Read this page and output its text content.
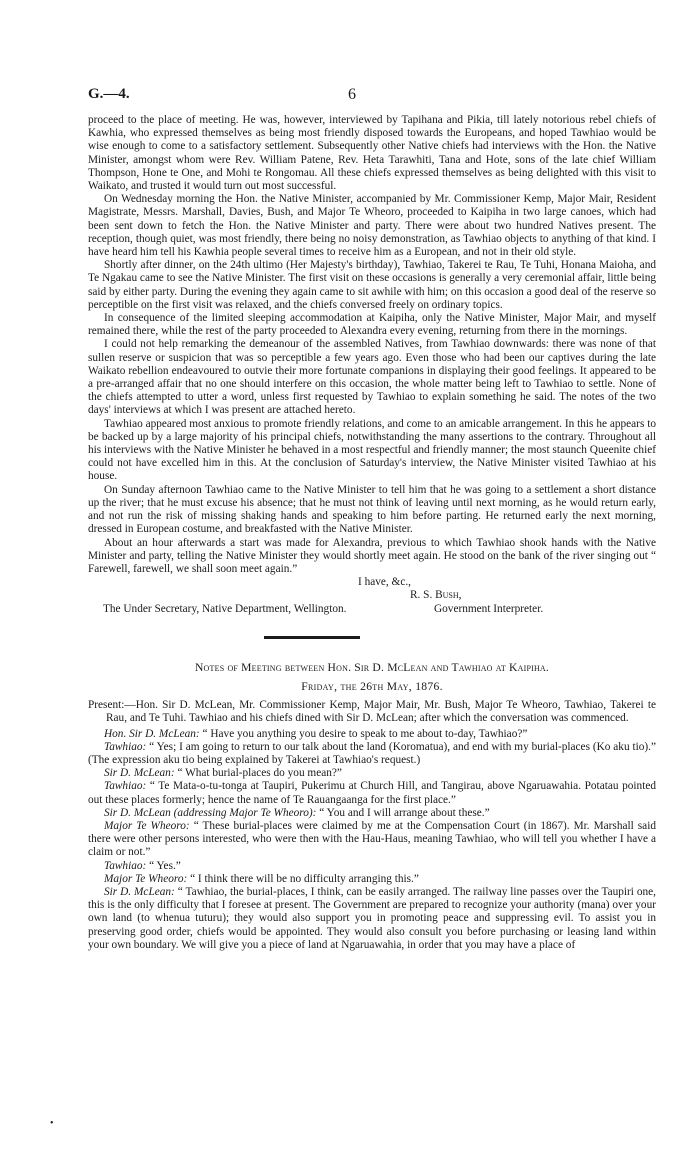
G.—4.	6

proceed to the place of meeting. He was, however, interviewed by Tapihana and Pikia, till lately notorious rebel chiefs of Kawhia, who expressed themselves as being most friendly disposed towards the Europeans, and hoped Tawhiao would be wise enough to come to a satisfactory settlement. Subsequently other Native chiefs had interviews with the Hon. the Native Minister, amongst whom were Rev. William Patene, Rev. Heta Tarawhiti, Tana and Hote, sons of the late chief William Thompson, Hone te One, and Mohi te Rongomau. All these chiefs expressed themselves as being delighted with this visit to Waikato, and trusted it would turn out most successful.

On Wednesday morning the Hon. the Native Minister, accompanied by Mr. Commissioner Kemp, Major Mair, Resident Magistrate, Messrs. Marshall, Davies, Bush, and Major Te Wheoro, proceeded to Kaipiha in two large canoes, which had been sent down to fetch the Hon. the Native Minister and party. There were about two hundred Natives present. The reception, though quiet, was most friendly, there being no noisy demonstration, as Tawhiao objects to anything of that kind. I have heard him tell his Kawhia people several times to receive him as a European, and not in their old style.

Shortly after dinner, on the 24th ultimo (Her Majesty's birthday), Tawhiao, Takerei te Rau, Te Tuhi, Honana Maioha, and Te Ngakau came to see the Native Minister. The first visit on these occasions is generally a very ceremonial affair, little being said by either party. During the evening they again came to sit awhile with him; on this occasion a good deal of the reserve so perceptible on the first visit was relaxed, and the chiefs conversed freely on ordinary topics.

In consequence of the limited sleeping accommodation at Kaipiha, only the Native Minister, Major Mair, and myself remained there, while the rest of the party proceeded to Alexandra every evening, returning from there in the mornings.

I could not help remarking the demeanour of the assembled Natives, from Tawhiao downwards: there was none of that sullen reserve or suspicion that was so perceptible a few years ago. Even those who had been our captives during the late Waikato rebellion endeavoured to outvie their more fortunate companions in displaying their good feelings. It appeared to be a pre-arranged affair that no one should interfere on this occasion, the whole matter being left to Tawhiao to settle. None of the chiefs attempted to utter a word, unless first requested by Tawhiao to explain something he said. The notes of the two days' interviews at which I was present are attached hereto.

Tawhiao appeared most anxious to promote friendly relations, and come to an amicable arrangement. In this he appears to be backed up by a large majority of his principal chiefs, notwithstanding the many assertions to the contrary. Throughout all his interviews with the Native Minister he behaved in a most respectful and friendly manner; the most staunch Queenite chief could not have excelled him in this. At the conclusion of Saturday's interview, the Native Minister visited Tawhiao at his house.

On Sunday afternoon Tawhiao came to the Native Minister to tell him that he was going to a settlement a short distance up the river; that he must excuse his absence; that he must not think of leaving until next morning, as he would return early, and not run the risk of missing shaking hands and speaking to him before parting. He returned early the next morning, dressed in European costume, and breakfasted with the Native Minister.

About an hour afterwards a start was made for Alexandra, previous to which Tawhiao shook hands with the Native Minister and party, telling the Native Minister they would shortly meet again. He stood on the bank of the river singing out “ Farewell, farewell, we shall soon meet again.”

I have, &c.,
R. S. Bush,
The Under Secretary, Native Department, Wellington.	Government Interpreter.
Notes of Meeting between Hon. Sir D. McLean and Tawhiao at Kaipiha.
Friday, the 26th May, 1876.
Present:—Hon. Sir D. McLean, Mr. Commissioner Kemp, Major Mair, Mr. Bush, Major Te Wheoro, Tawhiao, Takerei te Rau, and Te Tuhi. Tawhiao and his chiefs dined with Sir D. McLean; after which the conversation was commenced.

Hon. Sir D. McLean: “ Have you anything you desire to speak to me about to-day, Tawhiao?”

Tawhiao: “ Yes; I am going to return to our talk about the land (Koromatua), and end with my burial-places (Ko aku tio).” (The expression aku tio being explained by Takerei at Tawhiao's request.)

Sir D. McLean: “ What burial-places do you mean?”

Tawhiao: “ Te Mata-o-tu-tonga at Taupiri, Pukerimu at Church Hill, and Tangirau, above Ngaruawahia. Potatau pointed out these places formerly; hence the name of Te Rauangaanga for the first place.”

Sir D. McLean (addressing Major Te Wheoro): “ You and I will arrange about these.”

Major Te Wheoro: “ These burial-places were claimed by me at the Compensation Court (in 1867). Mr. Marshall said there were other persons interested, who were then with the Hau-Haus, meaning Tawhiao, who will tell you whether I have a claim or not.”

Tawhiao: “ Yes.”

Major Te Wheoro: “ I think there will be no difficulty arranging this.”

Sir D. McLean: “ Tawhiao, the burial-places, I think, can be easily arranged. The railway line passes over the Taupiri one, this is the only difficulty that I foresee at present. The Government are prepared to recognize your authority (mana) over your own land (to whenua tuturu); they would also support you in promoting peace and suppressing evil. To assist you in preserving good order, chiefs would be appointed. They would also consult you before purchasing or leasing land within your own boundary. We will give you a piece of land at Ngaruawahia, in order that you may have a place of

•
